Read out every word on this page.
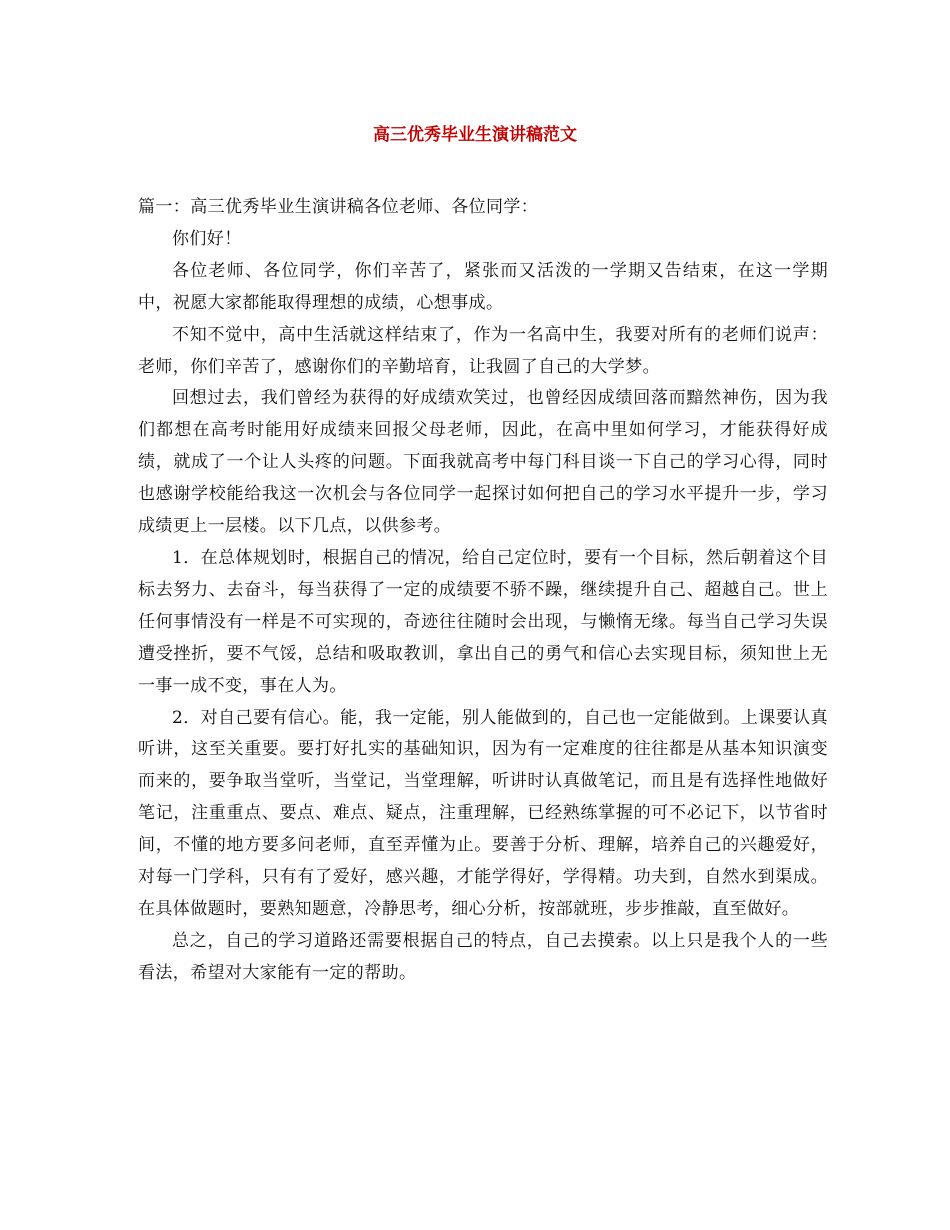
高三优秀毕业生演讲稿范文

篇一：高三优秀毕业生演讲稿各位老师、各位同学：

你们好！

各位老师、各位同学，你们辛苦了，紧张而又活泼的一学期又告结束，在这一学期中，祝愿大家都能取得理想的成绩，心想事成。

不知不觉中，高中生活就这样结束了，作为一名高中生，我要对所有的老师们说声：老师，你们辛苦了，感谢你们的辛勤培育，让我圆了自己的大学梦。

回想过去，我们曾经为获得的好成绩欢笑过，也曾经因成绩回落而黯然神伤，因为我们都想在高考时能用好成绩来回报父母老师，因此，在高中里如何学习，才能获得好成绩，就成了一个让人头疼的问题。下面我就高考中每门科目谈一下自己的学习心得，同时也感谢学校能给我这一次机会与各位同学一起探讨如何把自己的学习水平提升一步，学习成绩更上一层楼。以下几点，以供参考。

1．在总体规划时，根据自己的情况，给自己定位时，要有一个目标，然后朝着这个目标去努力、去奋斗，每当获得了一定的成绩要不骄不躁，继续提升自己、超越自己。世上任何事情没有一样是不可实现的，奇迹往往随时会出现，与懒惰无缘。每当自己学习失误遭受挫折，要不气馁，总结和吸取教训，拿出自己的勇气和信心去实现目标，须知世上无一事一成不变，事在人为。

2．对自己要有信心。能，我一定能，别人能做到的，自己也一定能做到。上课要认真听讲，这至关重要。要打好扎实的基础知识，因为有一定难度的往往都是从基本知识演变而来的，要争取当堂听，当堂记，当堂理解，听讲时认真做笔记，而且是有选择性地做好笔记，注重重点、要点、难点、疑点，注重理解，已经熟练掌握的可不必记下，以节省时间，不懂的地方要多问老师，直至弄懂为止。要善于分析、理解，培养自己的兴趣爱好，对每一门学科，只有有了爱好，感兴趣，才能学得好，学得精。功夫到，自然水到渠成。在具体做题时，要熟知题意，冷静思考，细心分析，按部就班，步步推敲，直至做好。

总之，自己的学习道路还需要根据自己的特点，自己去摸索。以上只是我个人的一些看法，希望对大家能有一定的帮助。
